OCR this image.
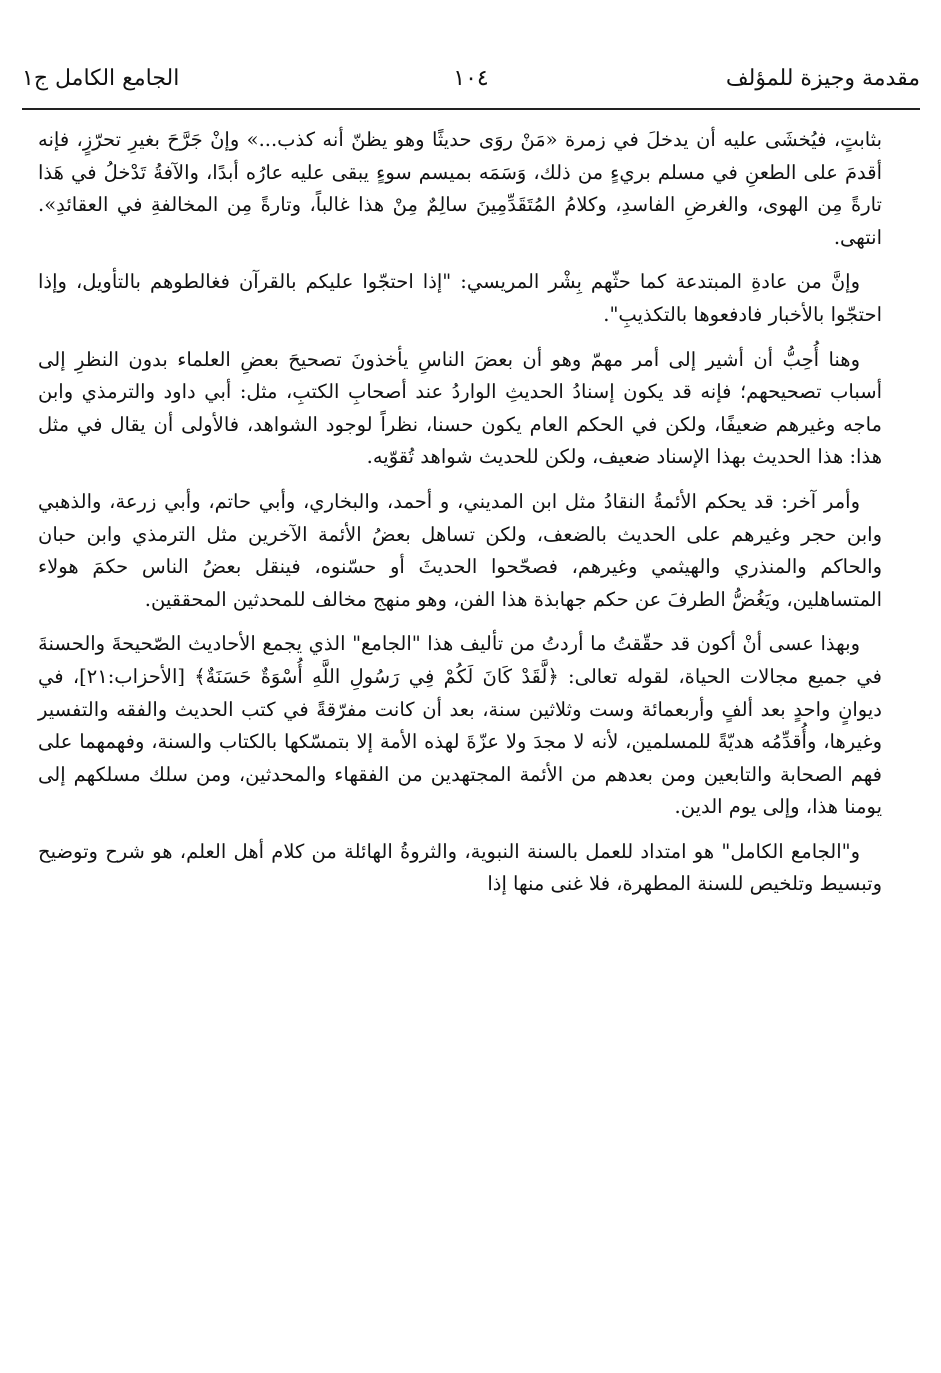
مقدمة وجيزة للمؤلف
١٠٤
الجامع الكامل ج١

بثابتٍ، فيُخشَى عليه أن يدخلَ في زمرة «مَنْ روَى حديثًا وهو يظنّ أنه كذب...» وإنْ جَرَّحَ بغيرِ تحرّزٍ، فإنه أقدمَ على الطعنِ في مسلم بريءٍ من ذلك، وَسَمَه بميسم سوءٍ يبقى عليه عارُه أبدًا، والآفةُ تَدْخلُ في هَذا تارةً مِن الهوى، والغرضِ الفاسدِ، وكلامُ المُتَقَدِّمِينَ سالِمٌ مِنْ هذا غالباً، وتارةً مِن المخالفةِ في العقائدِ». انتهى.

وإنَّ من عادةِ المبتدعة كما حثّهم بِشْر المريسي: "إذا احتجّوا عليكم بالقرآن فغالطوهم بالتأويل، وإذا احتجّوا بالأخبار فادفعوها بالتكذيبِ".

وهنا أُحِبُّ أن أشير إلى أمر مهمّ وهو أن بعضَ الناسِ يأخذونَ تصحيحَ بعضِ العلماء بدون النظرِ إلى أسباب تصحيحهم؛ فإنه قد يكون إسنادُ الحديثِ الواردُ عند أصحابِ الكتبِ، مثل: أبي داود والترمذي وابن ماجه وغيرهم ضعيفًا، ولكن في الحكم العام يكون حسنا، نظراً لوجود الشواهد، فالأولى أن يقال في مثل هذا: هذا الحديث بهذا الإسناد ضعيف، ولكن للحديث شواهد تُقوّيه.

وأمر آخر: قد يحكم الأئمةُ النقادُ مثل ابن المديني، و أحمد، والبخاري، وأبي حاتم، وأبي زرعة، والذهبي وابن حجر وغيرهم على الحديث بالضعف، ولكن تساهل بعضُ الأئمة الآخرين مثل الترمذي وابن حبان والحاكم والمنذري والهيثمي وغيرهم، فصحّحوا الحديثَ أو حسّنوه، فينقل بعضُ الناس حكمَ هولاء المتساهلين، ويَغُضُّ الطرفَ عن حكم جهابذة هذا الفن، وهو منهج مخالف للمحدثين المحققين.

وبهذا عسى أنْ أكون قد حقّقتُ ما أردتُ من تأليف هذا "الجامع" الذي يجمع الأحاديث الصّحيحةَ والحسنةَ في جميع مجالات الحياة، لقوله تعالى: ﴿لَّقَدْ كَانَ لَكُمْ فِي رَسُولِ اللَّهِ أُسْوَةٌ حَسَنَةٌ﴾ [الأحزاب:٢١]، في ديوانٍ واحدٍ بعد ألفٍ وأربعمائة وست وثلاثين سنة، بعد أن كانت مفرّقةً في كتب الحديث والفقه والتفسير وغيرها، وأُقدِّمُه هديّةً للمسلمين، لأنه لا مجدَ ولا عزّةَ لهذه الأمة إلا بتمسّكها بالكتاب والسنة، وفهمهما على فهم الصحابة والتابعين ومن بعدهم من الأئمة المجتهدين من الفقهاء والمحدثين، ومن سلك مسلكهم إلى يومنا هذا، وإلى يوم الدين.

و"الجامع الكامل" هو امتداد للعمل بالسنة النبوية، والثروةُ الهائلة من كلام أهل العلم، هو شرح وتوضيح وتبسيط وتلخيص للسنة المطهرة، فلا غنى منها إذا
